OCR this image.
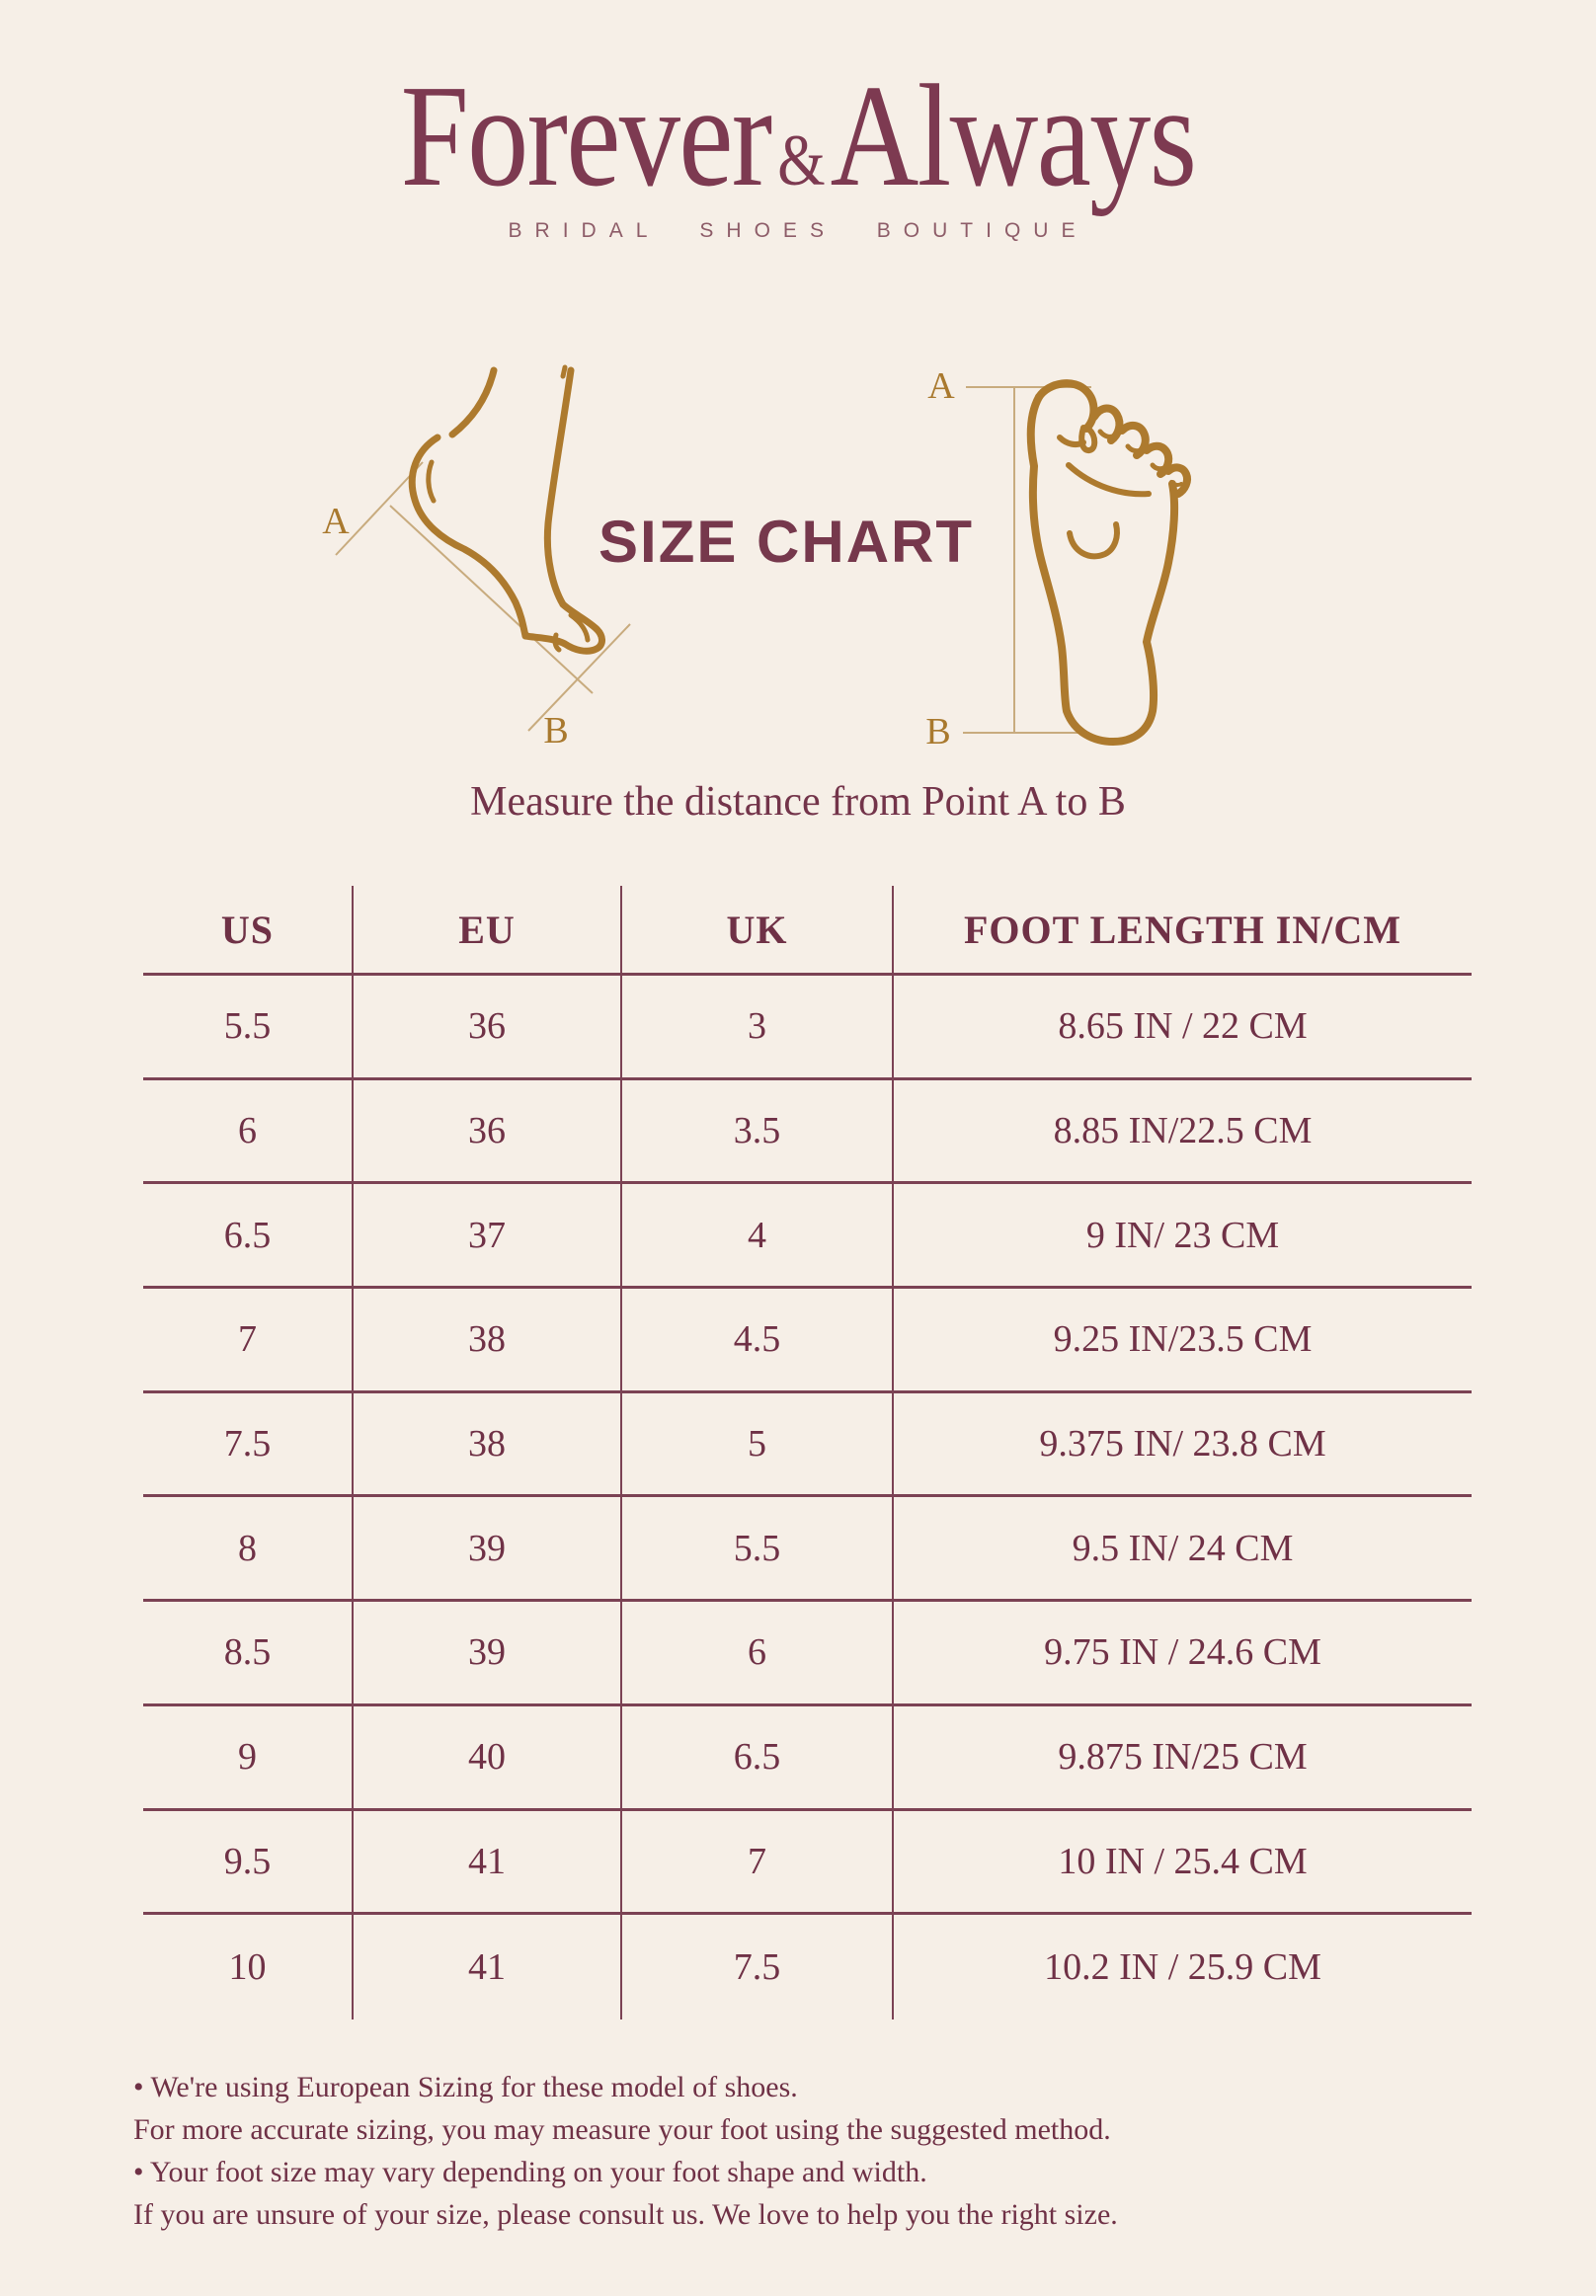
Forever&Always
BRIDAL SHOES BOUTIQUE
A
B
A
B
SIZE CHART
Measure the distance from Point A to B
US	EU	UK	FOOT LENGTH IN/CM
5.5	36	3	8.65 IN / 22 CM
6	36	3.5	8.85 IN/22.5 CM
6.5	37	4	9 IN/ 23 CM
7	38	4.5	9.25 IN/23.5 CM
7.5	38	5	9.375 IN/ 23.8 CM
8	39	5.5	9.5 IN/ 24 CM
8.5	39	6	9.75 IN / 24.6 CM
9	40	6.5	9.875 IN/25 CM
9.5	41	7	10 IN / 25.4 CM
10	41	7.5	10.2 IN / 25.9 CM
• We're using European Sizing for these model of shoes.
For more accurate sizing, you may measure your foot using the suggested method.
• Your foot size may vary depending on your foot shape and width.
If you are unsure of your size, please consult us. We love to help you the right size.
